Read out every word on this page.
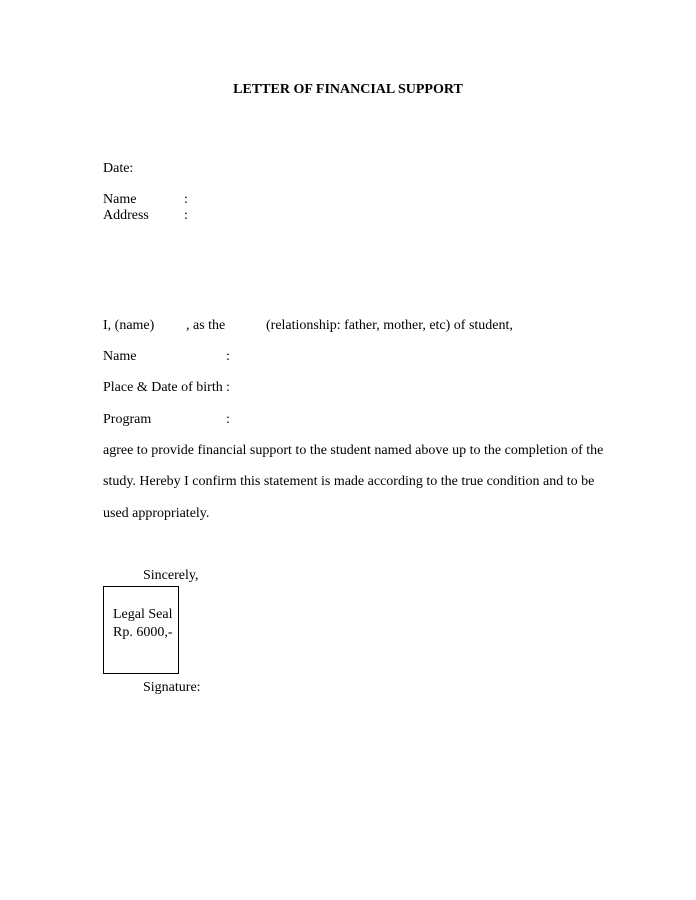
LETTER OF FINANCIAL SUPPORT
Date:
Name	:
Address	:
I, (name) , as the	(relationship: father, mother, etc) of student,
Name	:
Place & Date of birth :
Program	:
agree to provide financial support to the student named above up to the completion of the
study. Hereby I confirm this statement is made according to the true condition and to be
used appropriately.
Sincerely,
Legal Seal
Rp. 6000,-
Signature:
